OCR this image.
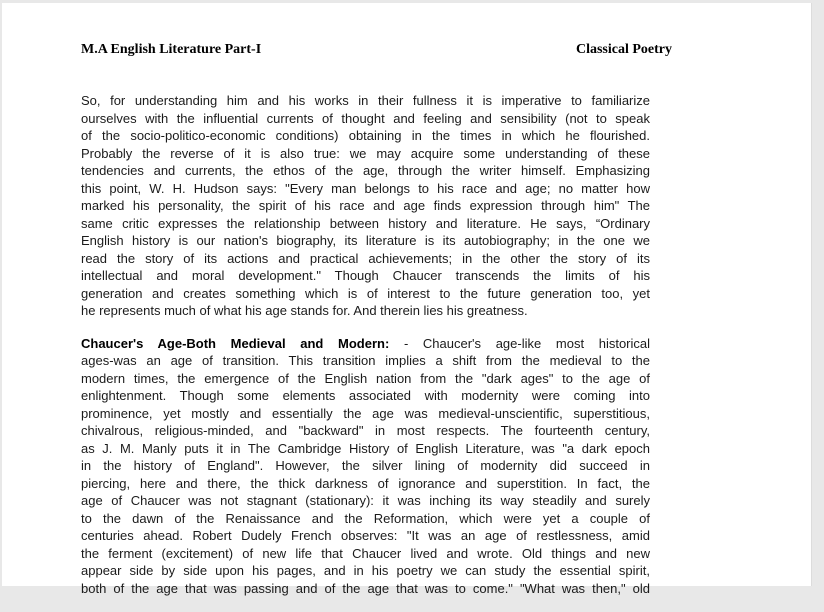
M.A English Literature Part-I	Classical Poetry
So, for understanding him and his works in their fullness it is imperative to familiarize
ourselves with the influential currents of thought and feeling and sensibility (not to speak
of the socio-politico-economic conditions) obtaining in the times in which he flourished.
Probably the reverse of it is also true: we may acquire some understanding of these
tendencies and currents, the ethos of the age, through the writer himself. Emphasizing
this point, W. H. Hudson says: "Every man belongs to his race and age; no matter how
marked his personality, the spirit of his race and age finds expression through him" The
same critic expresses the relationship between history and literature. He says, “Ordinary
English history is our nation's biography, its literature is its autobiography; in the one we
read the story of its actions and practical achievements; in the other the story of its
intellectual and moral development." Though Chaucer transcends the limits of his
generation and creates something which is of interest to the future generation too, yet
he represents much of what his age stands for. And therein lies his greatness.
Chaucer's Age-Both Medieval and Modern: - Chaucer's age-like most historical
ages-was an age of transition. This transition implies a shift from the medieval to the
modern times, the emergence of the English nation from the "dark ages" to the age of
enlightenment. Though some elements associated with modernity were coming into
prominence, yet mostly and essentially the age was medieval-unscientific, superstitious,
chivalrous, religious-minded, and "backward" in most respects. The fourteenth century,
as J. M. Manly puts it in The Cambridge History of English Literature, was "a dark epoch
in the history of England". However, the silver lining of modernity did succeed in
piercing, here and there, the thick darkness of ignorance and superstition. In fact, the
age of Chaucer was not stagnant (stationary): it was inching its way steadily and surely
to the dawn of the Renaissance and the Reformation, which were yet a couple of
centuries ahead. Robert Dudely French observes: "It was an age of restlessness, amid
the ferment (excitement) of new life that Chaucer lived and wrote. Old things and new
appear side by side upon his pages, and in his poetry we can study the essential spirit,
both of the age that was passing and of the age that was to come." "What was then," old
